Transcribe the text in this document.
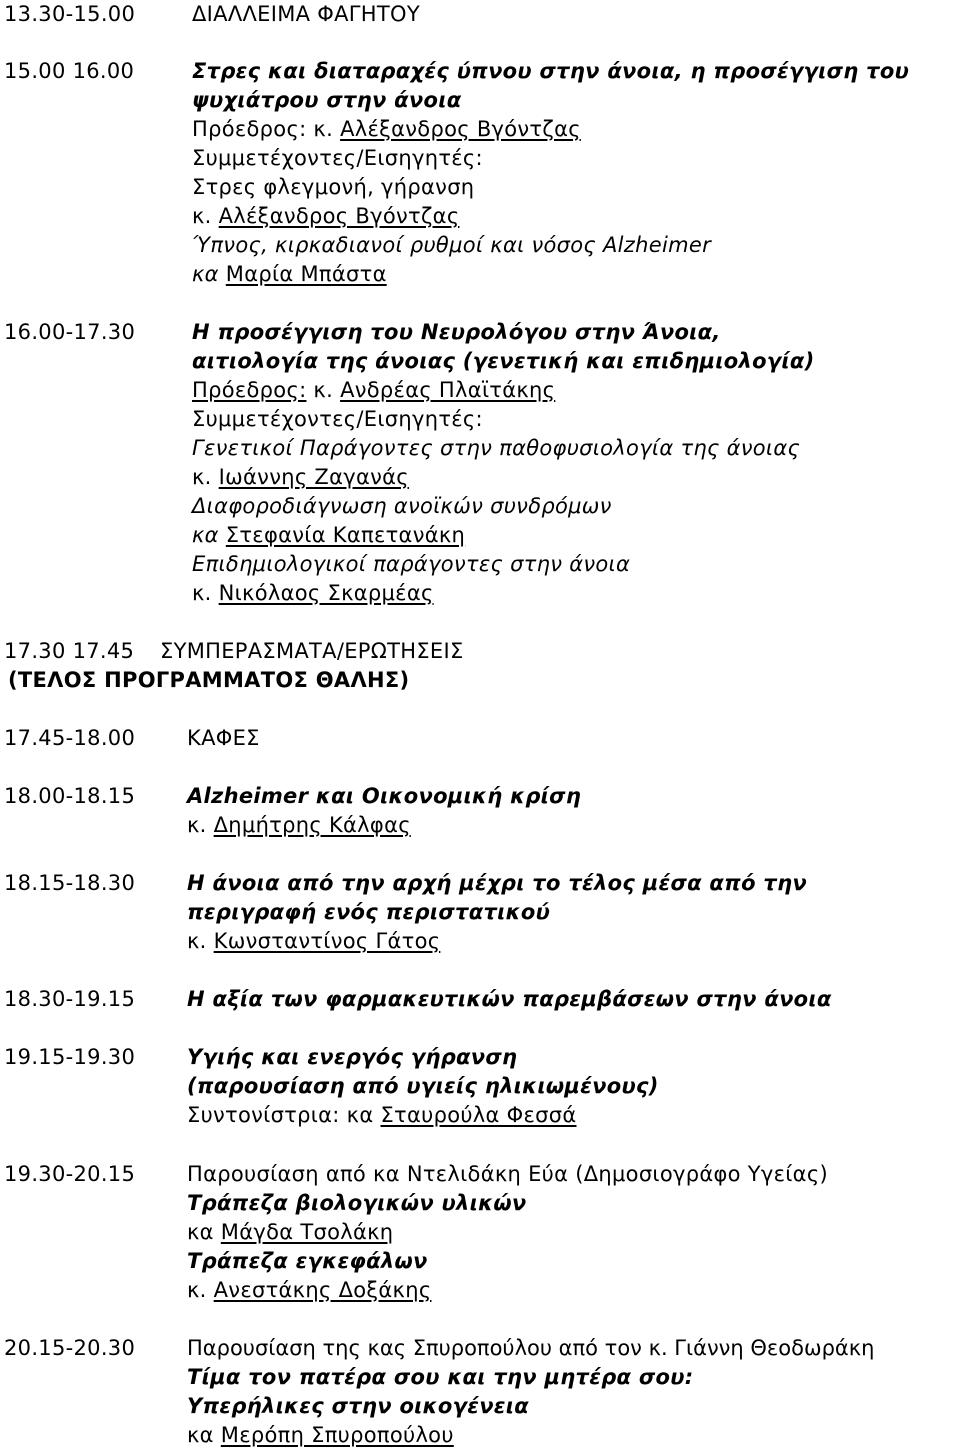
13.30-15.00	ΔΙΑΛΛΕΙΜΑ ΦΑΓΗΤΟΥ
15.00 16.00	Στρες και διαταραχές ύπνου στην άνοια, η προσέγγιση του
ψυχιάτρου στην άνοια
Πρόεδρος: κ. Αλέξανδρος Βγόντζας
Συμμετέχοντες/Εισηγητές:
Στρες φλεγμονή, γήρανση
κ. Αλέξανδρος Βγόντζας
Ύπνος, κιρκαδιανοί ρυθμοί και νόσος Alzheimer
κα Μαρία Μπάστα
16.00-17.30	Η προσέγγιση του Νευρολόγου στην Άνοια,
αιτιολογία της άνοιας (γενετική και επιδημιολογία)
Πρόεδρος: κ. Ανδρέας Πλαϊτάκης
Συμμετέχοντες/Εισηγητές:
Γενετικοί Παράγοντες στην παθοφυσιολογία της άνοιας
κ. Ιωάννης Ζαγανάς
Διαφοροδιάγνωση ανοϊκών συνδρόμων
κα Στεφανία Καπετανάκη
Επιδημιολογικοί παράγοντες στην άνοια
κ. Νικόλαος Σκαρμέας
17.30 17.45 ΣΥΜΠΕΡΑΣΜΑΤΑ/ΕΡΩΤΗΣΕΙΣ
(ΤΕΛΟΣ ΠΡΟΓΡΑΜΜΑΤΟΣ ΘΑΛΗΣ)
17.45-18.00 ΚΑΦΕΣ
18.00-18.15 Alzheimer και Οικονομική κρίση
κ. Δημήτρης Κάλφας
18.15-18.30 Η άνοια από την αρχή μέχρι το τέλος μέσα από την
περιγραφή ενός περιστατικού
κ. Κωνσταντίνος Γάτος
18.30-19.15 Η αξία των φαρμακευτικών παρεμβάσεων στην άνοια
19.15-19.30 Υγιής και ενεργός γήρανση
(παρουσίαση από υγιείς ηλικιωμένους)
Συντονίστρια: κα Σταυρούλα Φεσσά
19.30-20.15 Παρουσίαση από κα Ντελιδάκη Εύα (Δημοσιογράφο Υγείας)
Τράπεζα βιολογικών υλικών
κα Μάγδα Τσολάκη
Τράπεζα εγκεφάλων
κ. Ανεστάκης Δοξάκης
20.15-20.30 Παρουσίαση της κας Σπυροπούλου από τον κ. Γιάννη Θεοδωράκη
Τίμα τον πατέρα σου και την μητέρα σου:
Υπερήλικες στην οικογένεια
κα Μερόπη Σπυροπούλου
